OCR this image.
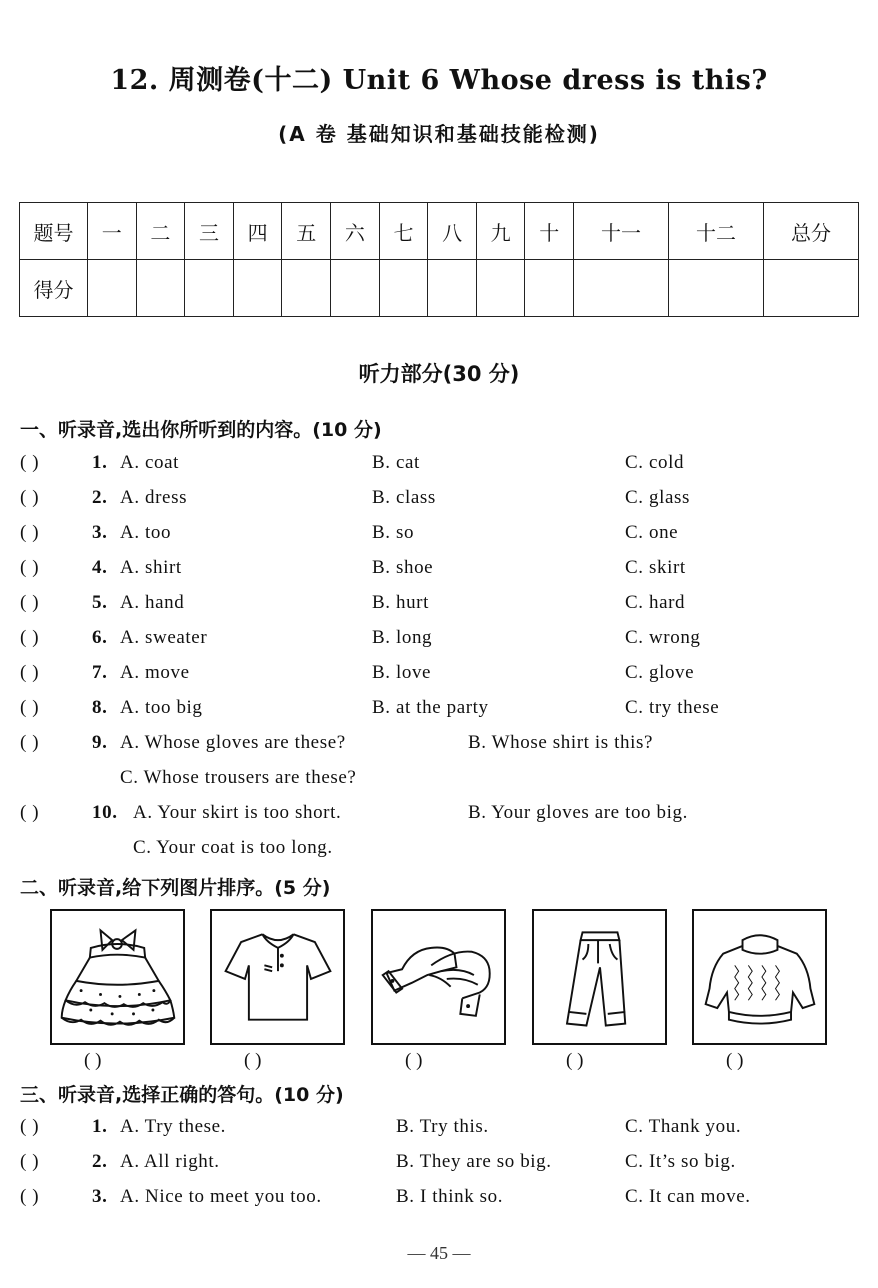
12. 周测卷(十二) Unit 6 Whose dress is this?
(A 卷 基础知识和基础技能检测)
题号	一	二	三	四	五	六	七	八	九	十	十一	十二	总分
得分													
听力部分(30 分)
一、听录音,选出你所听到的内容。(10 分)
( )	1. A. coat	B. cat	C. cold
( )	2. A. dress	B. class	C. glass
( )	3. A. too	B. so	C. one
( )	4. A. shirt	B. shoe	C. skirt
( )	5. A. hand	B. hurt	C. hard
( )	6. A. sweater	B. long	C. wrong
( )	7. A. move	B. love	C. glove
( )	8. A. too big	B. at the party	C. try these
( )	9. A. Whose gloves are these?	B. Whose shirt is this?
C. Whose trousers are these?
( )	10. A. Your skirt is too short.	B. Your gloves are too big.
C. Your coat is too long.
二、听录音,给下列图片排序。(5 分)
( )	( )	( )	( )	( )
三、听录音,选择正确的答句。(10 分)
( )	1. A. Try these.	B. Try this.	C. Thank you.
( )	2. A. All right.	B. They are so big.	C. It’s so big.
( )	3. A. Nice to meet you too.	B. I think so.	C. It can move.
— 45 —
